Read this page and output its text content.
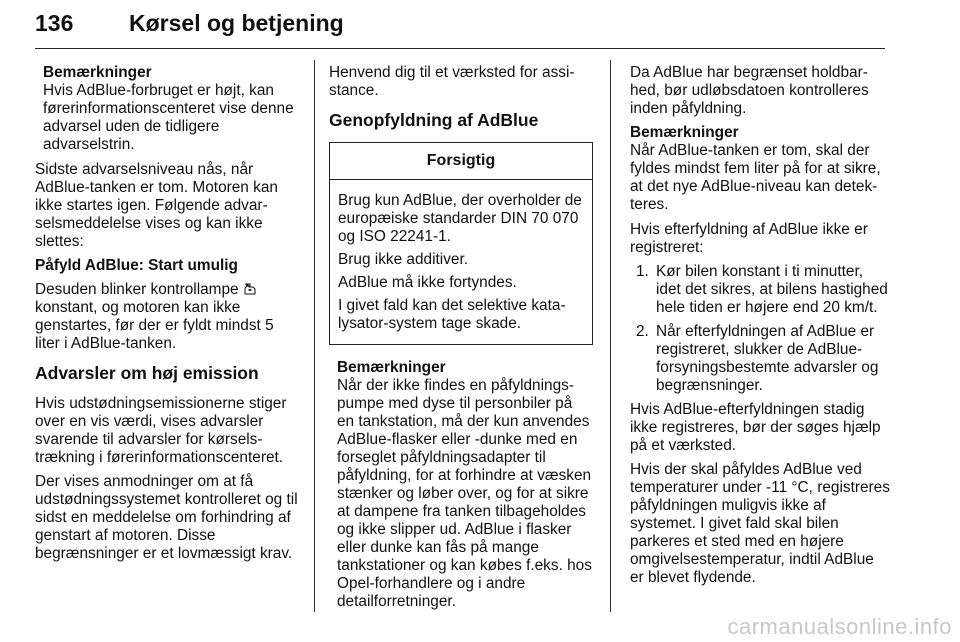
136 Kørsel og betjening
Bemærkninger
Hvis AdBlue-forbruget er højt, kan førerinformationscenteret vise denne advarsel uden de tidligere advarselstrin.

Sidste advarselsniveau nås, når AdBlue-tanken er tom. Motoren kan ikke startes igen. Følgende advarselsmeddelelse vises og kan ikke slettes:

Påfyld AdBlue: Start umulig

Desuden blinker kontrollampe  konstant, og motoren kan ikke genstartes, før der er fyldt mindst 5 liter i AdBlue-tanken.

Advarsler om høj emission

Hvis udstødningsemissionerne stiger over en vis værdi, vises advarsler svarende til advarsler for kørselstrækning i førerinformationscenteret.

Der vises anmodninger om at få udstødningssystemet kontrolleret og til sidst en meddelelse om forhindring af genstart af motoren. Disse begrænsninger er et lovmæssigt krav.

Henvend dig til et værksted for assistance.

Genopfyldning af AdBlue
Forsigtig

Brug kun AdBlue, der overholder de europæiske standarder DIN 70 070 og ISO 22241-1.

Brug ikke additiver.

AdBlue må ikke fortyndes.

I givet fald kan det selektive katalysator-system tage skade.

Bemærkninger
Når der ikke findes en påfyldningspumpe med dyse til personbiler på en tankstation, må der kun anvendes AdBlue-flasker eller -dunke med en forseglet påfyldningsadapter til påfyldning, for at forhindre at væsken stænker og løber over, og for at sikre at dampene fra tanken tilbageholdes og ikke slipper ud. AdBlue i flasker eller dunke kan fås på mange tankstationer og kan købes f.eks. hos Opel-forhandlere og i andre detailforretninger.

Da AdBlue har begrænset holdbarhed, bør udløbsdatoen kontrolleres inden påfyldning.

Bemærkninger
Når AdBlue-tanken er tom, skal der fyldes mindst fem liter på for at sikre, at det nye AdBlue-niveau kan detekteres.

Hvis efterfyldning af AdBlue ikke er registreret:

1. Kør bilen konstant i ti minutter, idet det sikres, at bilens hastighed hele tiden er højere end 20 km/t.
2. Når efterfyldningen af AdBlue er registreret, slukker de AdBlue-forsyningsbestemte advarsler og begrænsninger.

Hvis AdBlue-efterfyldningen stadig ikke registreres, bør der søges hjælp på et værksted.

Hvis der skal påfyldes AdBlue ved temperaturer under -11 °C, registreres påfyldningen muligvis ikke af systemet. I givet fald skal bilen parkeres et sted med en højere omgivelsestemperatur, indtil AdBlue er blevet flydende.

carmanualsonline.info
